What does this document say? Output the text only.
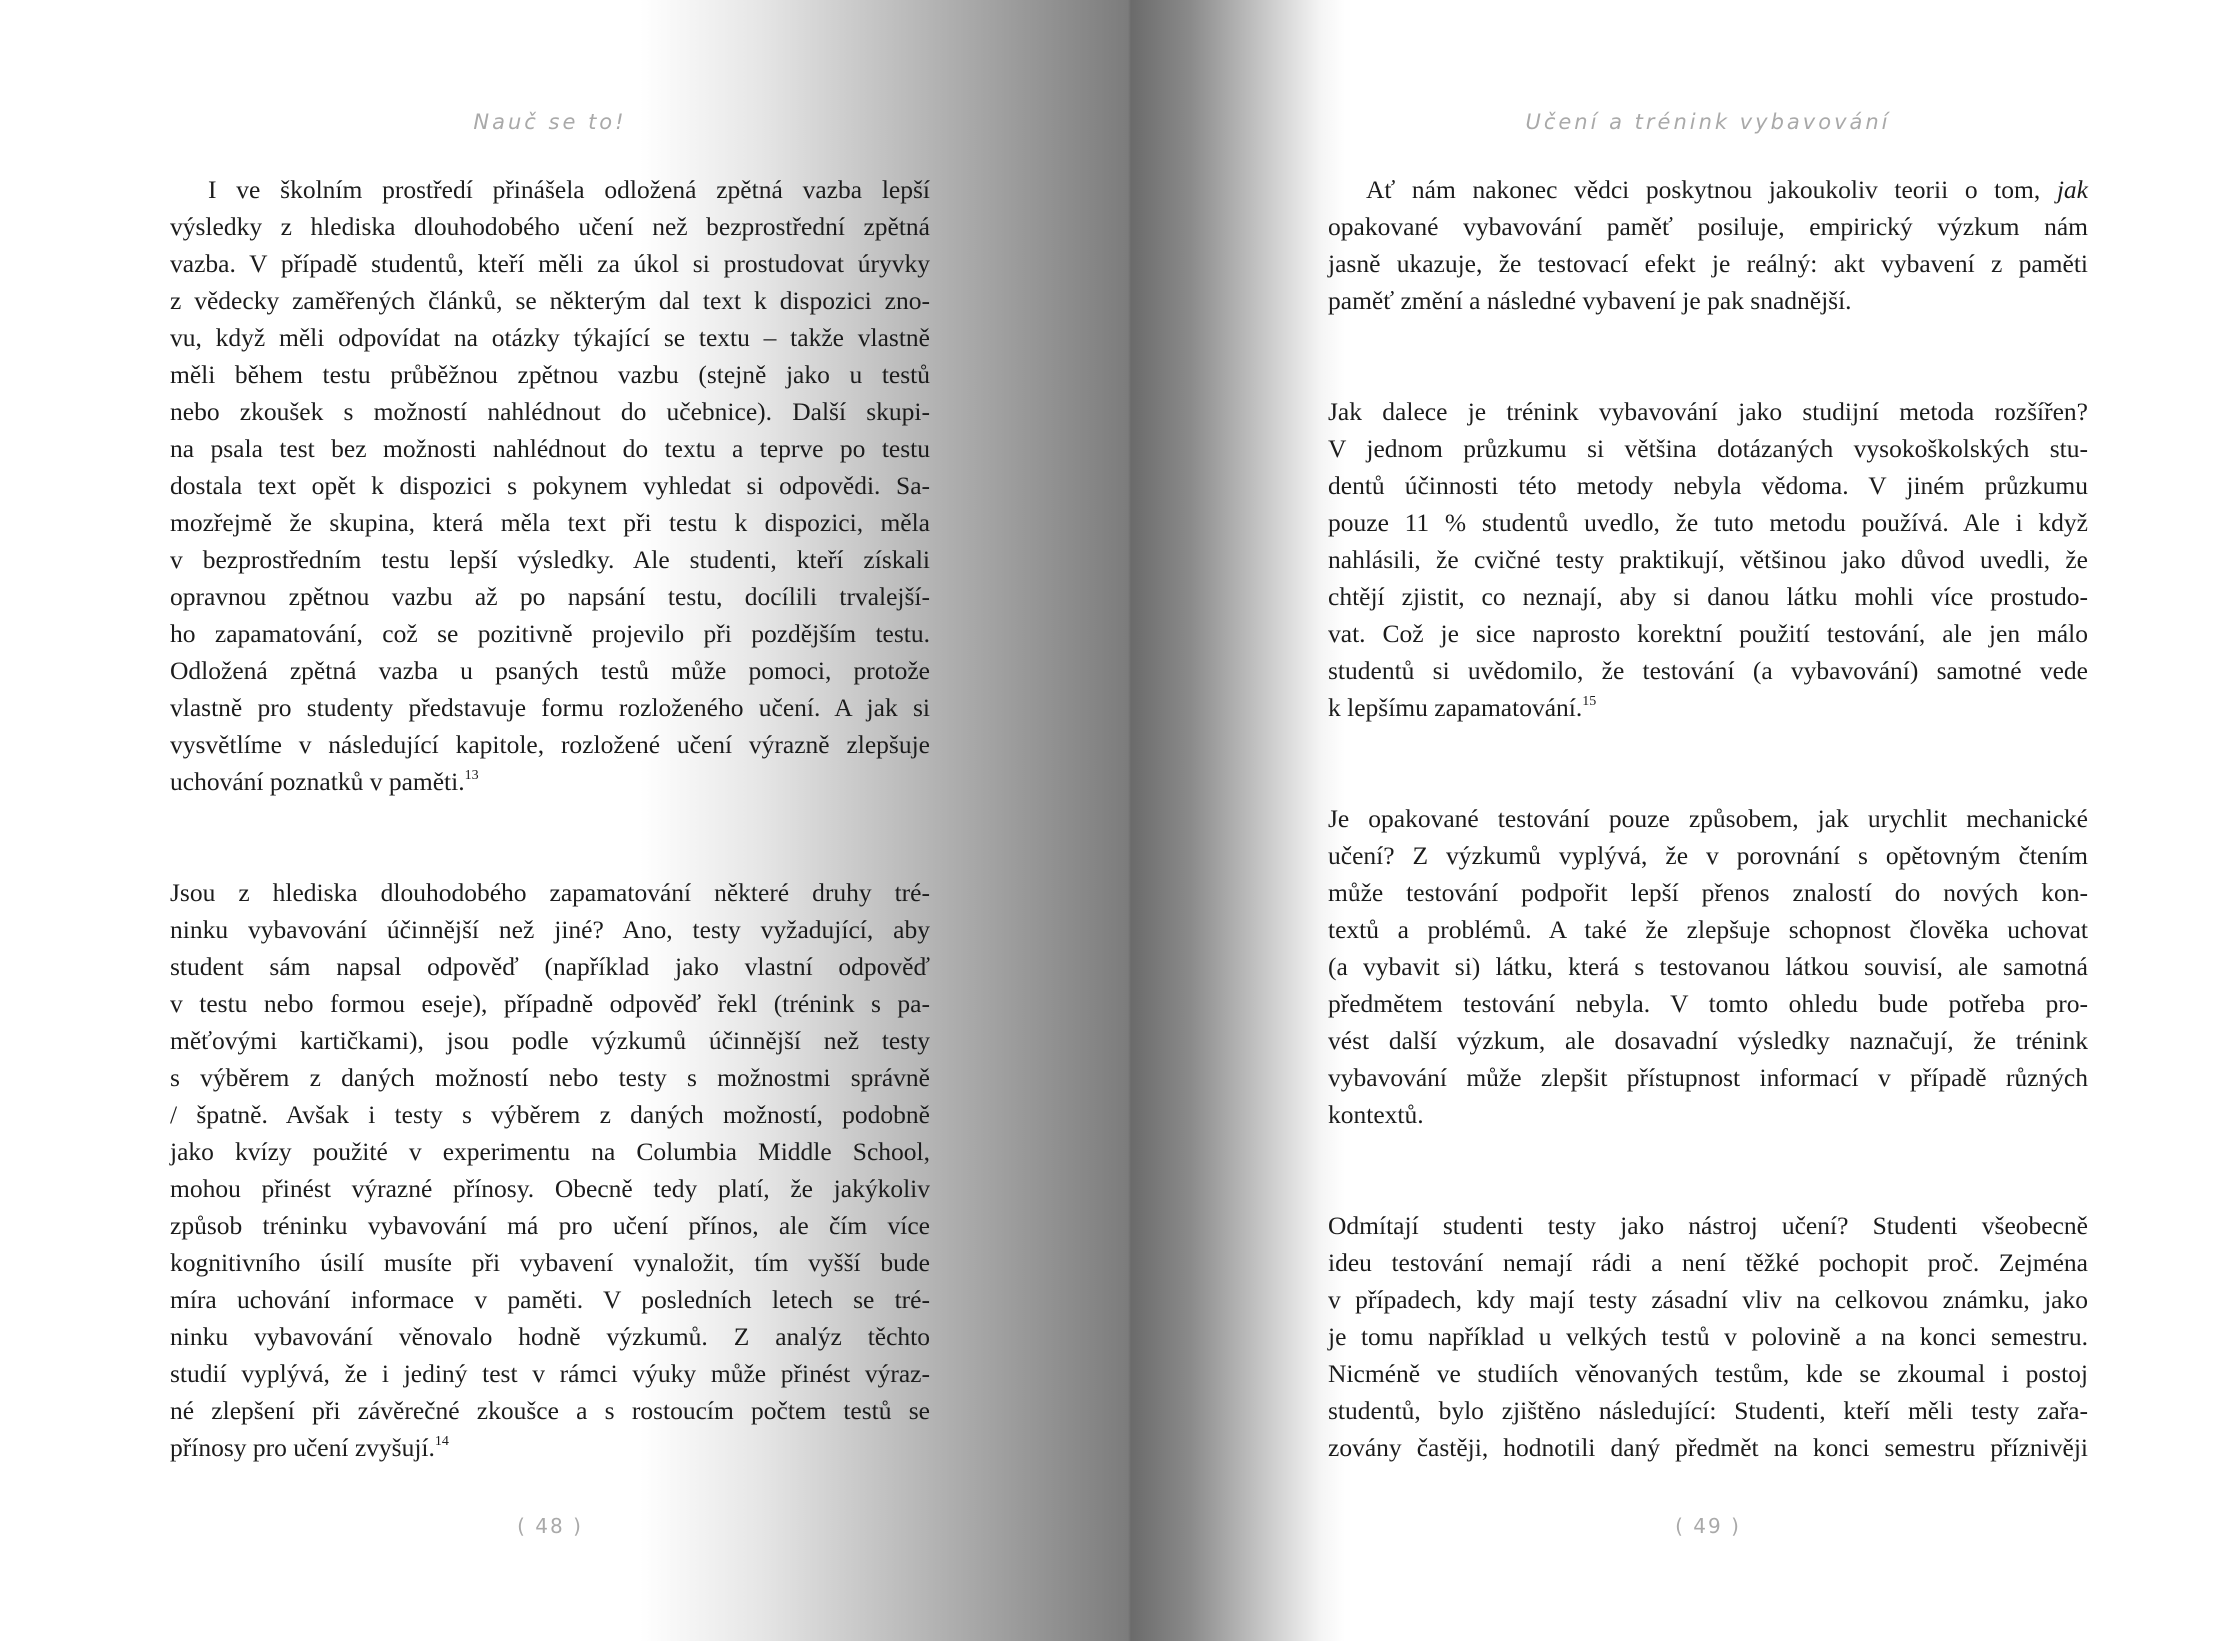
Nauč se to!
I ve školním prostředí přinášela odložená zpětná vazba lepší
výsledky z hlediska dlouhodobého učení než bezprostřední zpětná
vazba. V případě studentů, kteří měli za úkol si prostudovat úryvky
z vědecky zaměřených článků, se některým dal text k dispozici zno-
vu, když měli odpovídat na otázky týkající se textu – takže vlastně
měli během testu průběžnou zpětnou vazbu (stejně jako u testů
nebo zkoušek s možností nahlédnout do učebnice). Další skupi-
na psala test bez možnosti nahlédnout do textu a teprve po testu
dostala text opět k dispozici s pokynem vyhledat si odpovědi. Sa-
mozřejmě že skupina, která měla text při testu k dispozici, měla
v bezprostředním testu lepší výsledky. Ale studenti, kteří získali
opravnou zpětnou vazbu až po napsání testu, docílili trvalejší-
ho zapamatování, což se pozitivně projevilo při pozdějším testu.
Odložená zpětná vazba u psaných testů může pomoci, protože
vlastně pro studenty představuje formu rozloženého učení. A jak si
vysvětlíme v následující kapitole, rozložené učení výrazně zlepšuje
uchování poznatků v paměti.$^{13}$
Jsou z hlediska dlouhodobého zapamatování některé druhy tré-
ninku vybavování účinnější než jiné? Ano, testy vyžadující, aby
student sám napsal odpověď (například jako vlastní odpověď
v testu nebo formou eseje), případně odpověď řekl (trénink s pa-
měťovými kartičkami), jsou podle výzkumů účinnější než testy
s výběrem z daných možností nebo testy s možnostmi správně
/ špatně. Avšak i testy s výběrem z daných možností, podobně
jako kvízy použité v experimentu na Columbia Middle School,
mohou přinést výrazné přínosy. Obecně tedy platí, že jakýkoliv
způsob tréninku vybavování má pro učení přínos, ale čím více
kognitivního úsilí musíte při vybavení vynaložit, tím vyšší bude
míra uchování informace v paměti. V posledních letech se tré-
ninku vybavování věnovalo hodně výzkumů. Z analýz těchto
studií vyplývá, že i jediný test v rámci výuky může přinést výraz-
né zlepšení při závěrečné zkoušce a s rostoucím počtem testů se
přínosy pro učení zvyšují.$^{14}$
( 48 )
Učení a trénink vybavování
Ať nám nakonec vědci poskytnou jakoukoliv teorii o tom, jak
opakované vybavování paměť posiluje, empirický výzkum nám
jasně ukazuje, že testovací efekt je reálný: akt vybavení z paměti
paměť změní a následné vybavení je pak snadnější.
Jak dalece je trénink vybavování jako studijní metoda rozšířen?
V jednom průzkumu si většina dotázaných vysokoškolských stu-
dentů účinnosti této metody nebyla vědoma. V jiném průzkumu
pouze 11 % studentů uvedlo, že tuto metodu používá. Ale i když
nahlásili, že cvičné testy praktikují, většinou jako důvod uvedli, že
chtějí zjistit, co neznají, aby si danou látku mohli více prostudo-
vat. Což je sice naprosto korektní použití testování, ale jen málo
studentů si uvědomilo, že testování (a vybavování) samotné vede
k lepšímu zapamatování.$^{15}$
Je opakované testování pouze způsobem, jak urychlit mechanické
učení? Z výzkumů vyplývá, že v porovnání s opětovným čtením
může testování podpořit lepší přenos znalostí do nových kon-
textů a problémů. A také že zlepšuje schopnost člověka uchovat
(a vybavit si) látku, která s testovanou látkou souvisí, ale samotná
předmětem testování nebyla. V tomto ohledu bude potřeba pro-
vést další výzkum, ale dosavadní výsledky naznačují, že trénink
vybavování může zlepšit přístupnost informací v případě různých
kontextů.
Odmítají studenti testy jako nástroj učení? Studenti všeobecně
ideu testování nemají rádi a není těžké pochopit proč. Zejména
v případech, kdy mají testy zásadní vliv na celkovou známku, jako
je tomu například u velkých testů v polovině a na konci semestru.
Nicméně ve studiích věnovaných testům, kde se zkoumal i postoj
studentů, bylo zjištěno následující: Studenti, kteří měli testy zařa-
zovány častěji, hodnotili daný předmět na konci semestru příznivěji
( 49 )
